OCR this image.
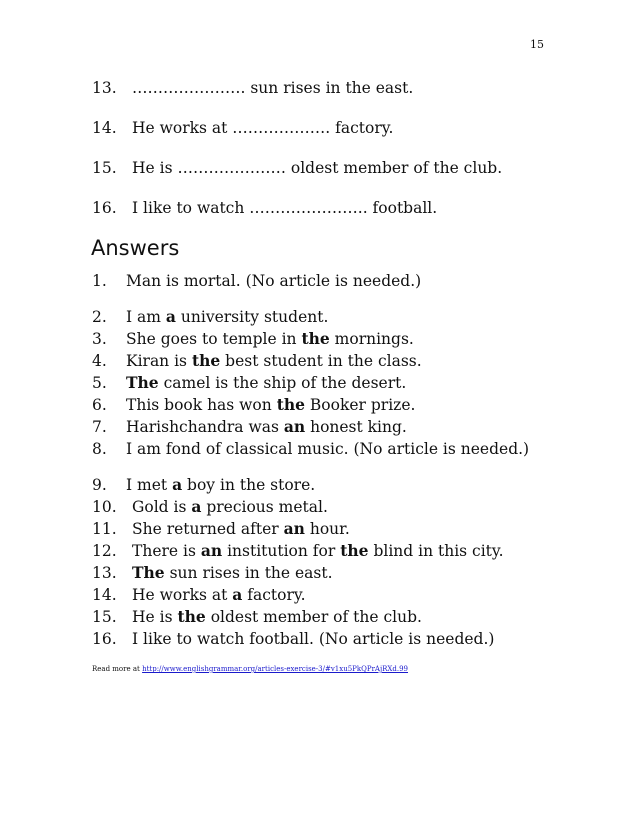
15
13. …………………. sun rises in the east.
14. He works at ………………. factory.
15. He is ………………… oldest member of the club.
16. I like to watch ………………….. football.
Answers
1. Man is mortal. (No article is needed.)
2. I am a university student.
3. She goes to temple in the mornings.
4. Kiran is the best student in the class.
5. The camel is the ship of the desert.
6. This book has won the Booker prize.
7. Harishchandra was an honest king.
8. I am fond of classical music. (No article is needed.)
9. I met a boy in the store.
10. Gold is a precious metal.
11. She returned after an hour.
12. There is an institution for the blind in this city.
13. The sun rises in the east.
14. He works at a factory.
15. He is the oldest member of the club.
16. I like to watch football. (No article is needed.)
Read more at http://www.englishgrammar.org/articles-exercise-3/#v1xu5PkQPrAjRXd.99
